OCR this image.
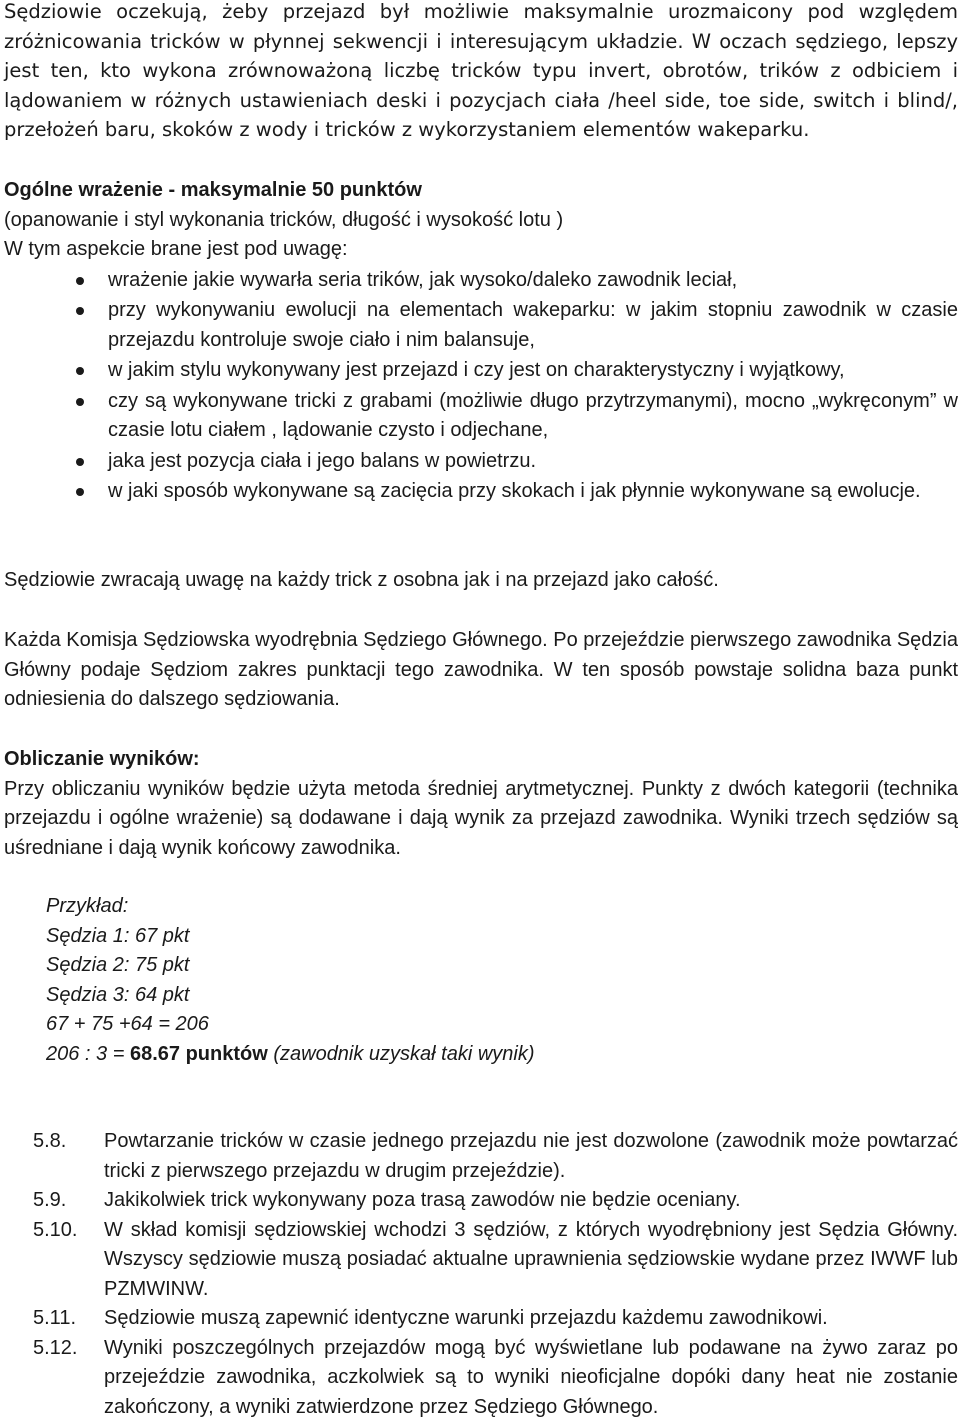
Sędziowie oczekują, żeby przejazd był możliwie maksymalnie urozmaicony pod względem zróżnicowania tricków w płynnej sekwencji i interesującym układzie. W oczach sędziego, lepszy jest ten, kto wykona zrównoważoną liczbę tricków typu invert, obrotów, trików z odbiciem i lądowaniem w różnych ustawieniach deski i pozycjach ciała /heel side, toe side, switch i blind/, przełożeń baru, skoków z wody i tricków z wykorzystaniem elementów wakeparku.

Ogólne wrażenie - maksymalnie 50 punktów

(opanowanie i styl wykonania tricków, długość i wysokość lotu )

W tym aspekcie brane jest pod uwagę:

wrażenie jakie wywarła seria trików, jak wysoko/daleko zawodnik leciał,
przy wykonywaniu ewolucji na elementach wakeparku: w jakim stopniu zawodnik w czasie przejazdu kontroluje swoje ciało i nim balansuje,
w jakim stylu wykonywany jest przejazd i czy jest on charakterystyczny i wyjątkowy,
czy są wykonywane tricki z grabami (możliwie długo przytrzymanymi), mocno „wykręconym” w czasie lotu ciałem , lądowanie czysto i odjechane,
jaka jest pozycja ciała i jego balans w powietrzu.
w jaki sposób wykonywane są zacięcia przy skokach i jak płynnie wykonywane są ewolucje.

Sędziowie zwracają uwagę na każdy trick z osobna jak i na przejazd jako całość.

Każda Komisja Sędziowska wyodrębnia Sędziego Głównego. Po przejeździe pierwszego zawodnika Sędzia Główny podaje Sędziom zakres punktacji tego zawodnika. W ten sposób powstaje solidna baza punkt odniesienia do dalszego sędziowania.

Obliczanie wyników:

Przy obliczaniu wyników będzie użyta metoda średniej arytmetycznej. Punkty z dwóch kategorii (technika przejazdu i ogólne wrażenie) są dodawane i dają wynik za przejazd zawodnika. Wyniki trzech sędziów są uśredniane i dają wynik końcowy zawodnika.

Przykład:
Sędzia 1: 67 pkt
Sędzia 2: 75 pkt
Sędzia 3: 64 pkt
67 + 75 +64 = 206
206 : 3 = 68.67 punktów (zawodnik uzyskał taki wynik)
5.8. Powtarzanie tricków w czasie jednego przejazdu nie jest dozwolone (zawodnik może powtarzać tricki z pierwszego przejazdu w drugim przejeździe).
5.9. Jakikolwiek trick wykonywany poza trasą zawodów nie będzie oceniany.
5.10. W skład komisji sędziowskiej wchodzi 3 sędziów, z których wyodrębniony jest Sędzia Główny. Wszyscy sędziowie muszą posiadać aktualne uprawnienia sędziowskie wydane przez IWWF lub PZMWINW.
5.11. Sędziowie muszą zapewnić identyczne warunki przejazdu każdemu zawodnikowi.
5.12. Wyniki poszczególnych przejazdów mogą być wyświetlane lub podawane na żywo zaraz po przejeździe zawodnika, aczkolwiek są to wyniki nieoficjalne dopóki dany heat nie zostanie zakończony, a wyniki zatwierdzone przez Sędziego Głównego.
